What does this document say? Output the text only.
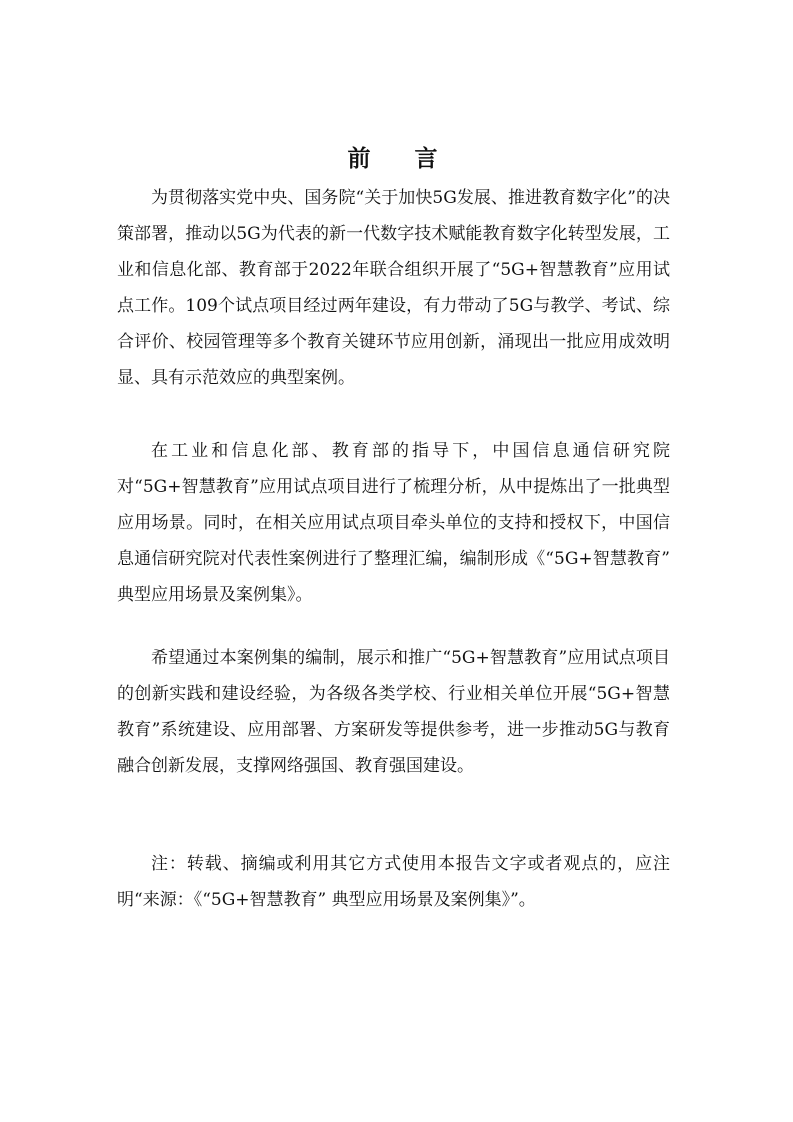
前 言

为贯彻落实党中央、国务院“关于加快5G发展、推进教育数字化”的决策部署，推动以5G为代表的新一代数字技术赋能教育数字化转型发展，工业和信息化部、教育部于2022年联合组织开展了“5G+智慧教育”应用试点工作。109个试点项目经过两年建设，有力带动了5G与教学、考试、综合评价、校园管理等多个教育关键环节应用创新，涌现出一批应用成效明显、具有示范效应的典型案例。

在工业和信息化部、教育部的指导下，中国信息通信研究院对“5G+智慧教育”应用试点项目进行了梳理分析，从中提炼出了一批典型应用场景。同时，在相关应用试点项目牵头单位的支持和授权下，中国信息通信研究院对代表性案例进行了整理汇编，编制形成《“5G+智慧教育” 典型应用场景及案例集》。

希望通过本案例集的编制，展示和推广“5G+智慧教育”应用试点项目的创新实践和建设经验，为各级各类学校、行业相关单位开展“5G+智慧教育”系统建设、应用部署、方案研发等提供参考，进一步推动5G与教育融合创新发展，支撑网络强国、教育强国建设。

注：转载、摘编或利用其它方式使用本报告文字或者观点的，应注明“来源：《“5G+智慧教育” 典型应用场景及案例集》”。
